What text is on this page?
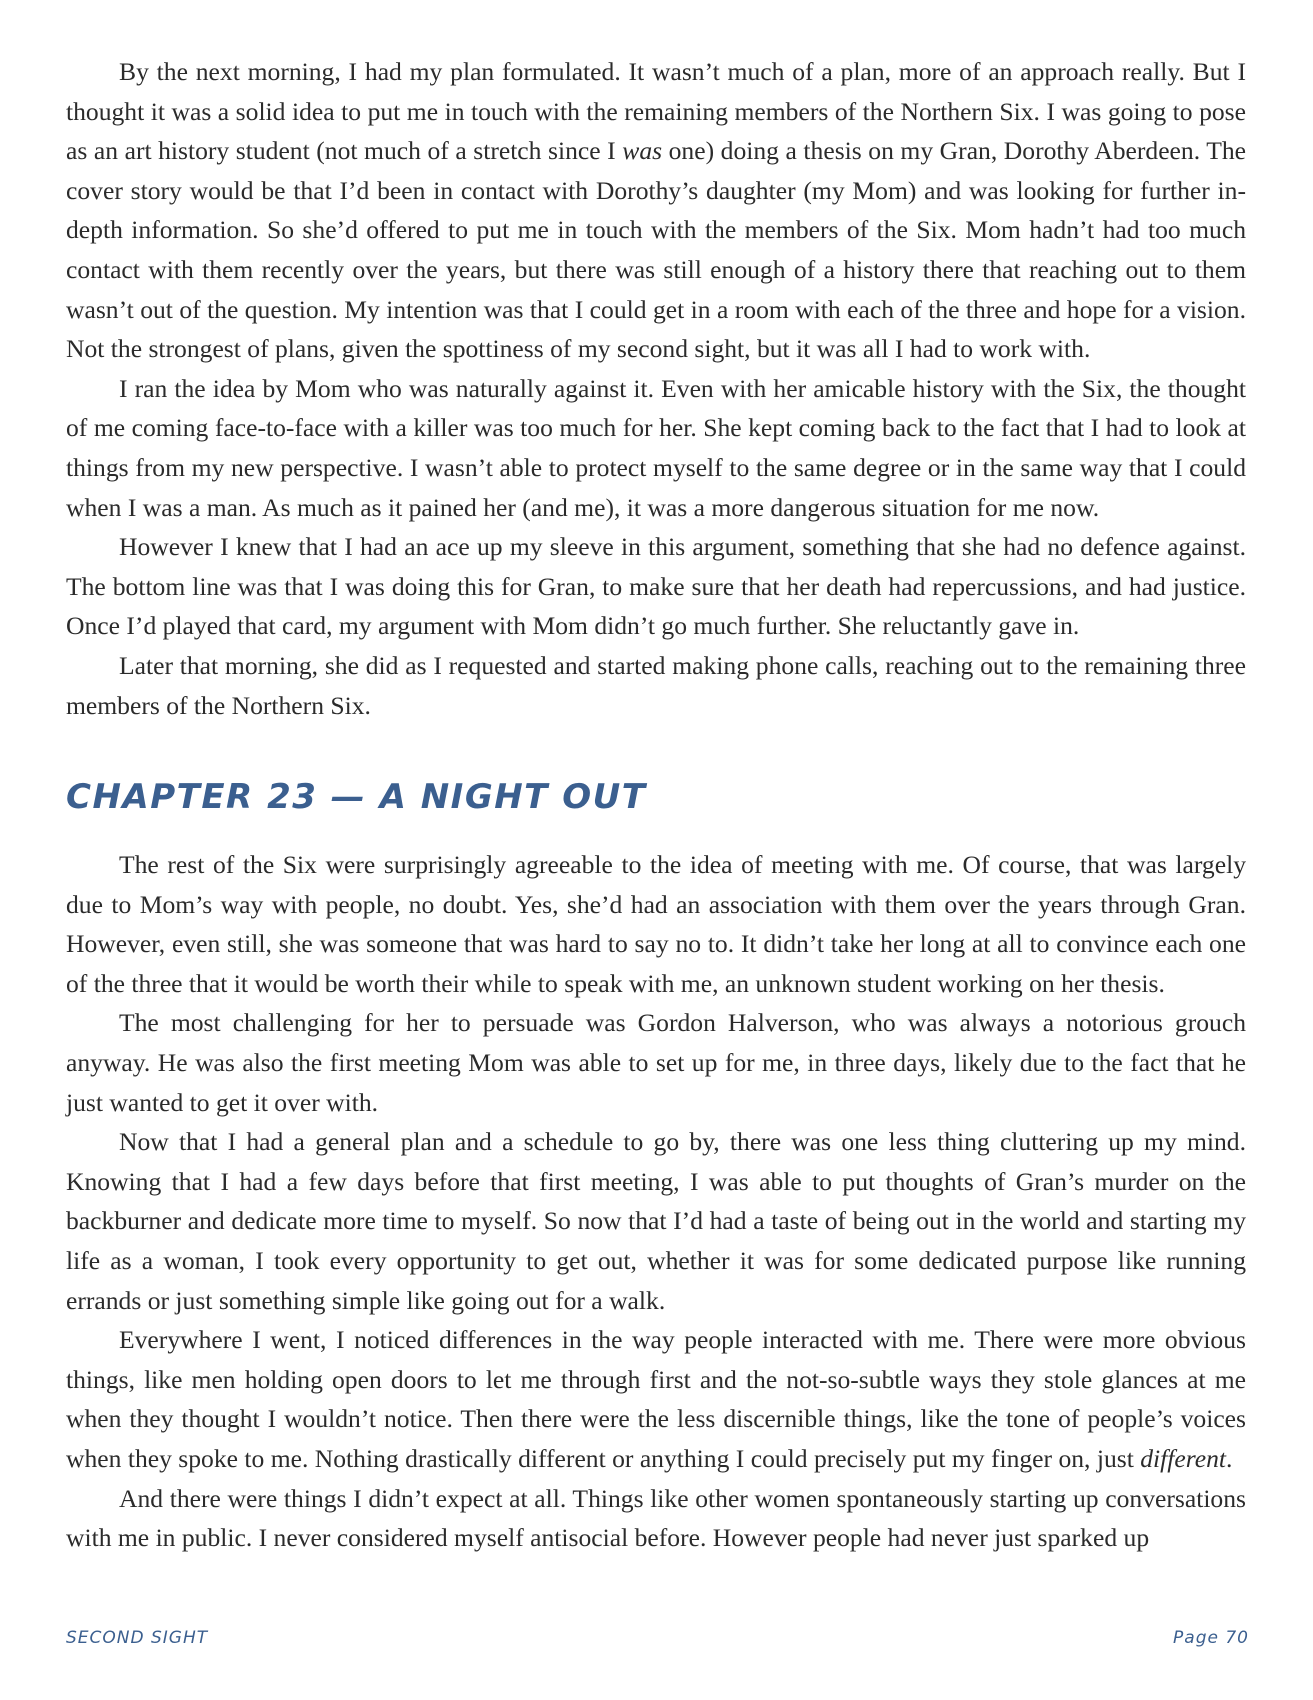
By the next morning, I had my plan formulated. It wasn’t much of a plan, more of an approach really. But I thought it was a solid idea to put me in touch with the remaining members of the Northern Six. I was going to pose as an art history student (not much of a stretch since I was one) doing a thesis on my Gran, Dorothy Aberdeen. The cover story would be that I’d been in contact with Dorothy’s daughter (my Mom) and was looking for further in-depth information. So she’d offered to put me in touch with the members of the Six. Mom hadn’t had too much contact with them recently over the years, but there was still enough of a history there that reaching out to them wasn’t out of the question. My intention was that I could get in a room with each of the three and hope for a vision. Not the strongest of plans, given the spottiness of my second sight, but it was all I had to work with.

I ran the idea by Mom who was naturally against it. Even with her amicable history with the Six, the thought of me coming face-to-face with a killer was too much for her. She kept coming back to the fact that I had to look at things from my new perspective. I wasn’t able to protect myself to the same degree or in the same way that I could when I was a man. As much as it pained her (and me), it was a more dangerous situation for me now.

However I knew that I had an ace up my sleeve in this argument, something that she had no defence against. The bottom line was that I was doing this for Gran, to make sure that her death had repercussions, and had justice. Once I’d played that card, my argument with Mom didn’t go much further. She reluctantly gave in.

Later that morning, she did as I requested and started making phone calls, reaching out to the remaining three members of the Northern Six.

CHAPTER 23 — A NIGHT OUT

The rest of the Six were surprisingly agreeable to the idea of meeting with me. Of course, that was largely due to Mom’s way with people, no doubt. Yes, she’d had an association with them over the years through Gran. However, even still, she was someone that was hard to say no to. It didn’t take her long at all to convince each one of the three that it would be worth their while to speak with me, an unknown student working on her thesis.

The most challenging for her to persuade was Gordon Halverson, who was always a notorious grouch anyway. He was also the first meeting Mom was able to set up for me, in three days, likely due to the fact that he just wanted to get it over with.

Now that I had a general plan and a schedule to go by, there was one less thing cluttering up my mind. Knowing that I had a few days before that first meeting, I was able to put thoughts of Gran’s murder on the backburner and dedicate more time to myself. So now that I’d had a taste of being out in the world and starting my life as a woman, I took every opportunity to get out, whether it was for some dedicated purpose like running errands or just something simple like going out for a walk.

Everywhere I went, I noticed differences in the way people interacted with me. There were more obvious things, like men holding open doors to let me through first and the not-so-subtle ways they stole glances at me when they thought I wouldn’t notice. Then there were the less discernible things, like the tone of people’s voices when they spoke to me. Nothing drastically different or anything I could precisely put my finger on, just different.

And there were things I didn’t expect at all. Things like other women spontaneously starting up conversations with me in public. I never considered myself antisocial before. However people had never just sparked up

SECOND SIGHT	Page 70
